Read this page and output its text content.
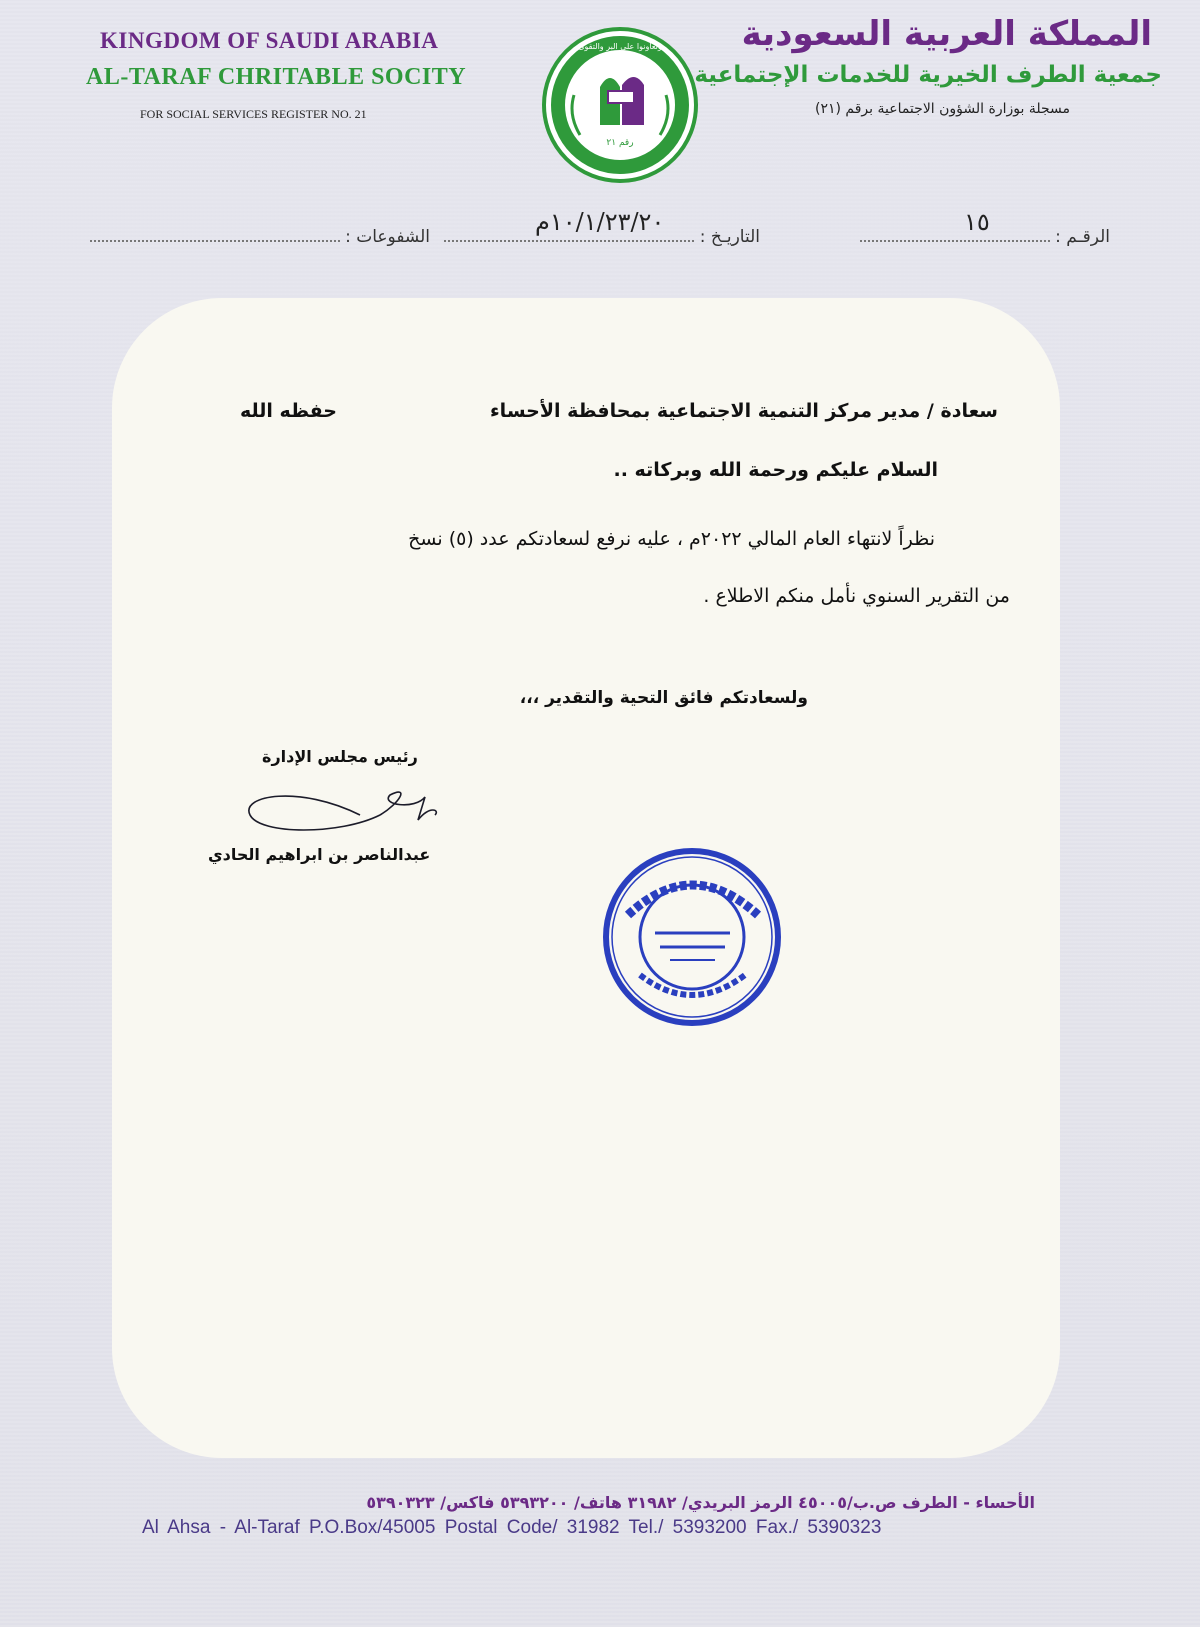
KINGDOM OF SAUDI ARABIA
AL-TARAF CHRITABLE SOCITY
FOR SOCIAL SERVICES REGISTER NO. 21
رقم ٢١
وتعاونوا على البر والتقوى المملكة العربية السعودية
جمعية الطرف الخيرية للخدمات الإجتماعية
مسجلة بوزارة الشؤون الاجتماعية برقم (٢١)
الرقـم :
١٥
التاريـخ :
١٠/١/٢٣/٢٠م
الشفوعات :
سعادة / مدير مركز التنمية الاجتماعية بمحافظة الأحساء
حفظه الله
السلام عليكم ورحمة الله وبركاته ..
نظراً لانتهاء العام المالي ٢٠٢٢م ، عليه نرفع لسعادتكم عدد (٥) نسخ
من التقرير السنوي نأمل منكم الاطلاع .
ولسعادتكم فائق التحية والتقدير ،،،
رئيس مجلس الإدارة
عبدالناصر بن ابراهيم الحادي
الأحساء - الطرف ص.ب/٤٥٠٠٥ الرمز البريدي/ ٣١٩٨٢ هاتف/ ٥٣٩٣٢٠٠ فاكس/ ٥٣٩٠٣٢٣
Al Ahsa - Al-Taraf P.O.Box/45005 Postal Code/ 31982 Tel./ 5393200 Fax./ 5390323
